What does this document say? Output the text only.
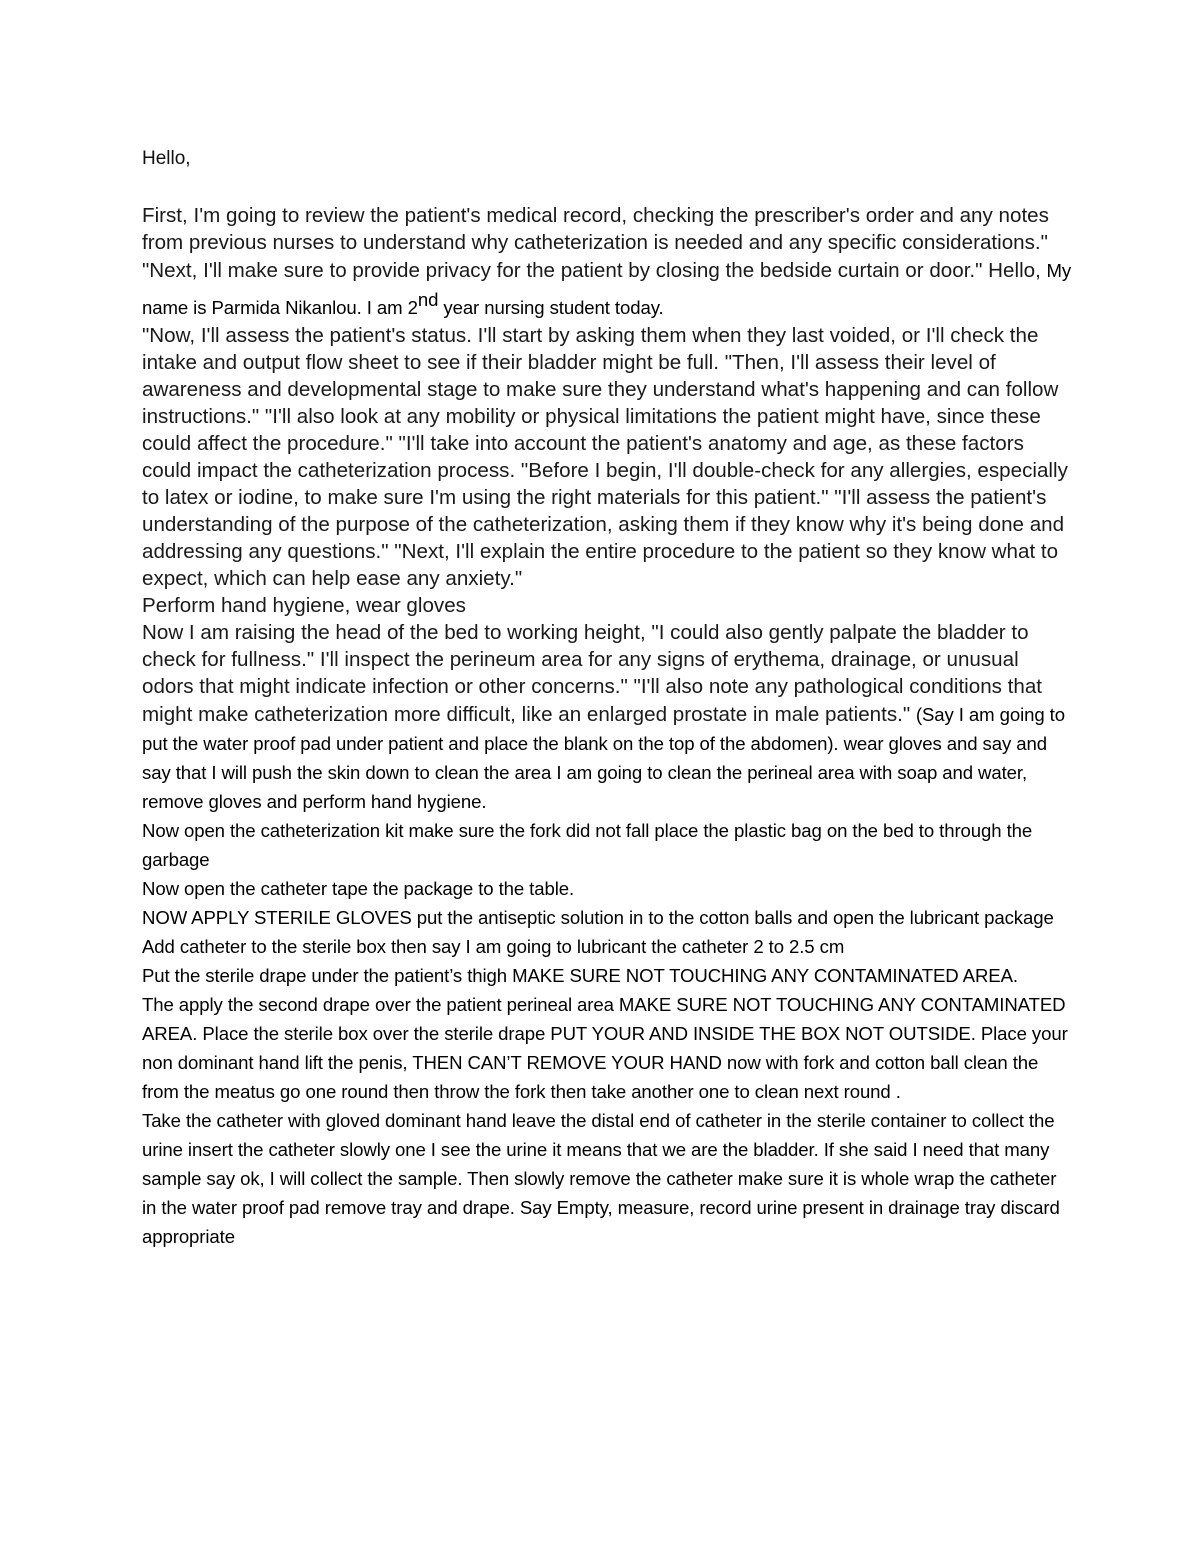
Hello,

First, I'm going to review the patient's medical record, checking the prescriber's order and any notes from previous nurses to understand why catheterization is needed and any specific considerations." "Next, I'll make sure to provide privacy for the patient by closing the bedside curtain or door." Hello, My name is Parmida Nikanlou. I am 2nd year nursing student today.

"Now, I'll assess the patient's status. I'll start by asking them when they last voided, or I'll check the intake and output flow sheet to see if their bladder might be full. "Then, I'll assess their level of awareness and developmental stage to make sure they understand what's happening and can follow instructions." "I'll also look at any mobility or physical limitations the patient might have, since these could affect the procedure." "I'll take into account the patient's anatomy and age, as these factors could impact the catheterization process. "Before I begin, I'll double-check for any allergies, especially to latex or iodine, to make sure I'm using the right materials for this patient." "I'll assess the patient's understanding of the purpose of the catheterization, asking them if they know why it's being done and addressing any questions." "Next, I'll explain the entire procedure to the patient so they know what to expect, which can help ease any anxiety."

Perform hand hygiene, wear gloves

Now I am raising the head of the bed to working height, "I could also gently palpate the bladder to check for fullness." I'll inspect the perineum area for any signs of erythema, drainage, or unusual odors that might indicate infection or other concerns." "I'll also note any pathological conditions that might make catheterization more difficult, like an enlarged prostate in male patients." (Say I am going to put the water proof pad under patient and place the blank on the top of the abdomen). wear gloves and say and say that I will push the skin down to clean the area I am going to clean the perineal area with soap and water, remove gloves and perform hand hygiene.

Now open the catheterization kit make sure the fork did not fall place the plastic bag on the bed to through the garbage

Now open the catheter tape the package to the table.

NOW APPLY STERILE GLOVES put the antiseptic solution in to the cotton balls and open the lubricant package

Add catheter to the sterile box then say I am going to lubricant the catheter 2 to 2.5 cm

Put the sterile drape under the patient’s thigh MAKE SURE NOT TOUCHING ANY CONTAMINATED AREA.

The apply the second drape over the patient perineal area MAKE SURE NOT TOUCHING ANY CONTAMINATED AREA. Place the sterile box over the sterile drape PUT YOUR AND INSIDE THE BOX NOT OUTSIDE. Place your non dominant hand lift the penis, THEN CAN’T REMOVE YOUR HAND now with fork and cotton ball clean the from the meatus go one round then throw the fork then take another one to clean next round .

Take the catheter with gloved dominant hand leave the distal end of catheter in the sterile container to collect the urine insert the catheter slowly one I see the urine it means that we are the bladder. If she said I need that many sample say ok, I will collect the sample. Then slowly remove the catheter make sure it is whole wrap the catheter in the water proof pad remove tray and drape. Say Empty, measure, record urine present in drainage tray discard appropriate
